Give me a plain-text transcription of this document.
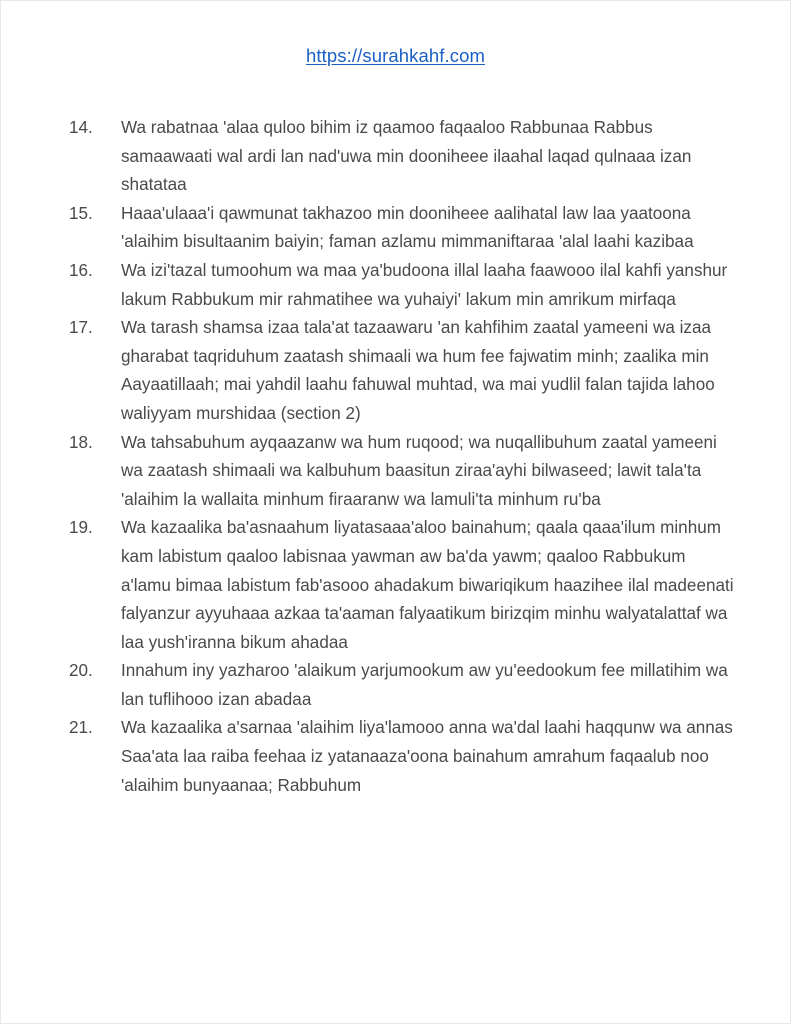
https://surahkahf.com
14.	Wa rabatnaa 'alaa quloo bihim iz qaamoo faqaaloo Rabbunaa Rabbus samaawaati wal ardi lan nad'uwa min dooniheee ilaahal laqad qulnaaa izan shatataa
15.	Haaa'ulaaa'i qawmunat takhazoo min dooniheee aalihatal law laa yaatoona 'alaihim bisultaanim baiyin; faman azlamu mimmaniftaraa 'alal laahi kazibaa
16.	Wa izi'tazal tumoohum wa maa ya'budoona illal laaha faawooo ilal kahfi yanshur lakum Rabbukum mir rahmatihee wa yuhaiyi' lakum min amrikum mirfaqa
17.	Wa tarash shamsa izaa tala'at tazaawaru 'an kahfihim zaatal yameeni wa izaa gharabat taqriduhum zaatash shimaali wa hum fee fajwatim minh; zaalika min Aayaatillaah; mai yahdil laahu fahuwal muhtad, wa mai yudlil falan tajida lahoo waliyyam murshidaa (section 2)
18.	Wa tahsabuhum ayqaazanw wa hum ruqood; wa nuqallibuhum zaatal yameeni wa zaatash shimaali wa kalbuhum baasitun ziraa'ayhi bilwaseed; lawit tala'ta 'alaihim la wallaita minhum firaaranw wa lamuli'ta minhum ru'ba
19.	Wa kazaalika ba'asnaahum liyatasaaa'aloo bainahum; qaala qaaa'ilum minhum kam labistum qaaloo labisnaa yawman aw ba'da yawm; qaaloo Rabbukum a'lamu bimaa labistum fab'asooo ahadakum biwariqikum haazihee ilal madeenati falyanzur ayyuhaaa azkaa ta'aaman falyaatikum birizqim minhu walyatalattaf wa laa yush'iranna bikum ahadaa
20.	Innahum iny yazharoo 'alaikum yarjumookum aw yu'eedookum fee millatihim wa lan tuflihooo izan abadaa
21.	Wa kazaalika a'sarnaa 'alaihim liya'lamooo anna wa'dal laahi haqqunw wa annas Saa'ata laa raiba feehaa iz yatanaaza'oona bainahum amrahum faqaalub noo 'alaihim bunyaanaa; Rabbuhum
